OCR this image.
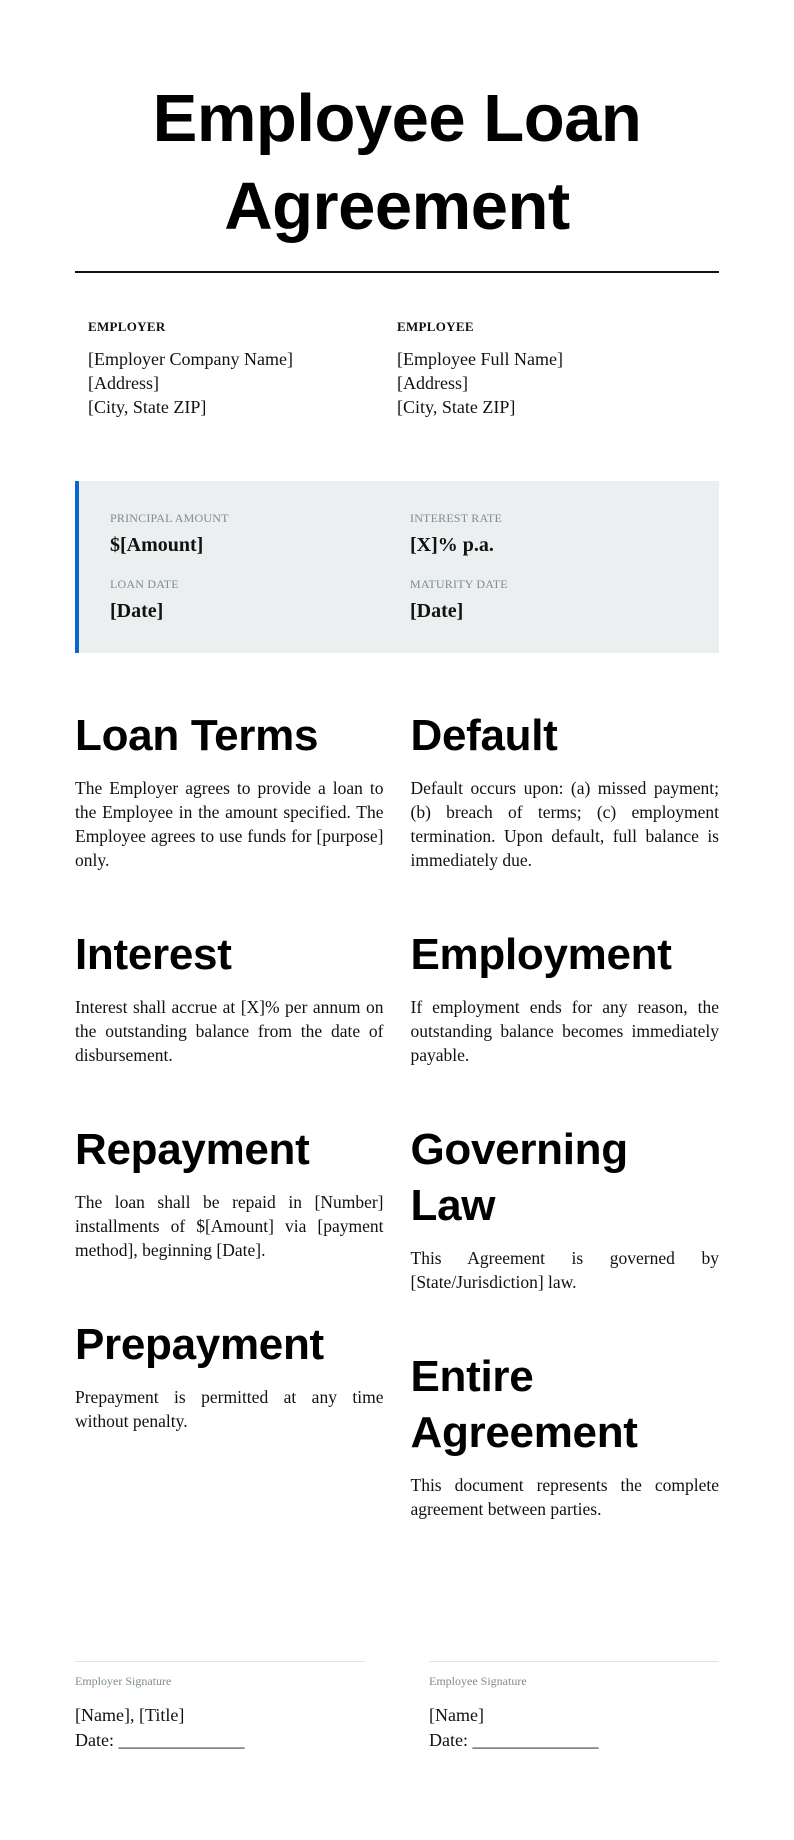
Employee Loan Agreement
EMPLOYER
[Employer Company Name]
[Address]
[City, State ZIP]
EMPLOYEE
[Employee Full Name]
[Address]
[City, State ZIP]
PRINCIPAL AMOUNT
$[Amount]
INTEREST RATE
[X]% p.a.
LOAN DATE
[Date]
MATURITY DATE
[Date]
Loan Terms

The Employer agrees to provide a loan to the Employee in the amount specified. The Employee agrees to use funds for [purpose] only.

Interest

Interest shall accrue at [X]% per annum on the outstanding balance from the date of disbursement.

Repayment

The loan shall be repaid in [Number] installments of $[Amount] via [payment method], beginning [Date].

Prepayment

Prepayment is permitted at any time without penalty.

Default

Default occurs upon: (a) missed payment; (b) breach of terms; (c) employment termination. Upon default, full balance is immediately due.

Employment

If employment ends for any reason, the outstanding balance becomes immediately payable.

Governing Law

This Agreement is governed by [State/Jurisdiction] law.

Entire Agreement

This document represents the complete agreement between parties.

Employer Signature
[Name], [Title]
Date: ______________
Employee Signature
[Name]
Date: ______________
